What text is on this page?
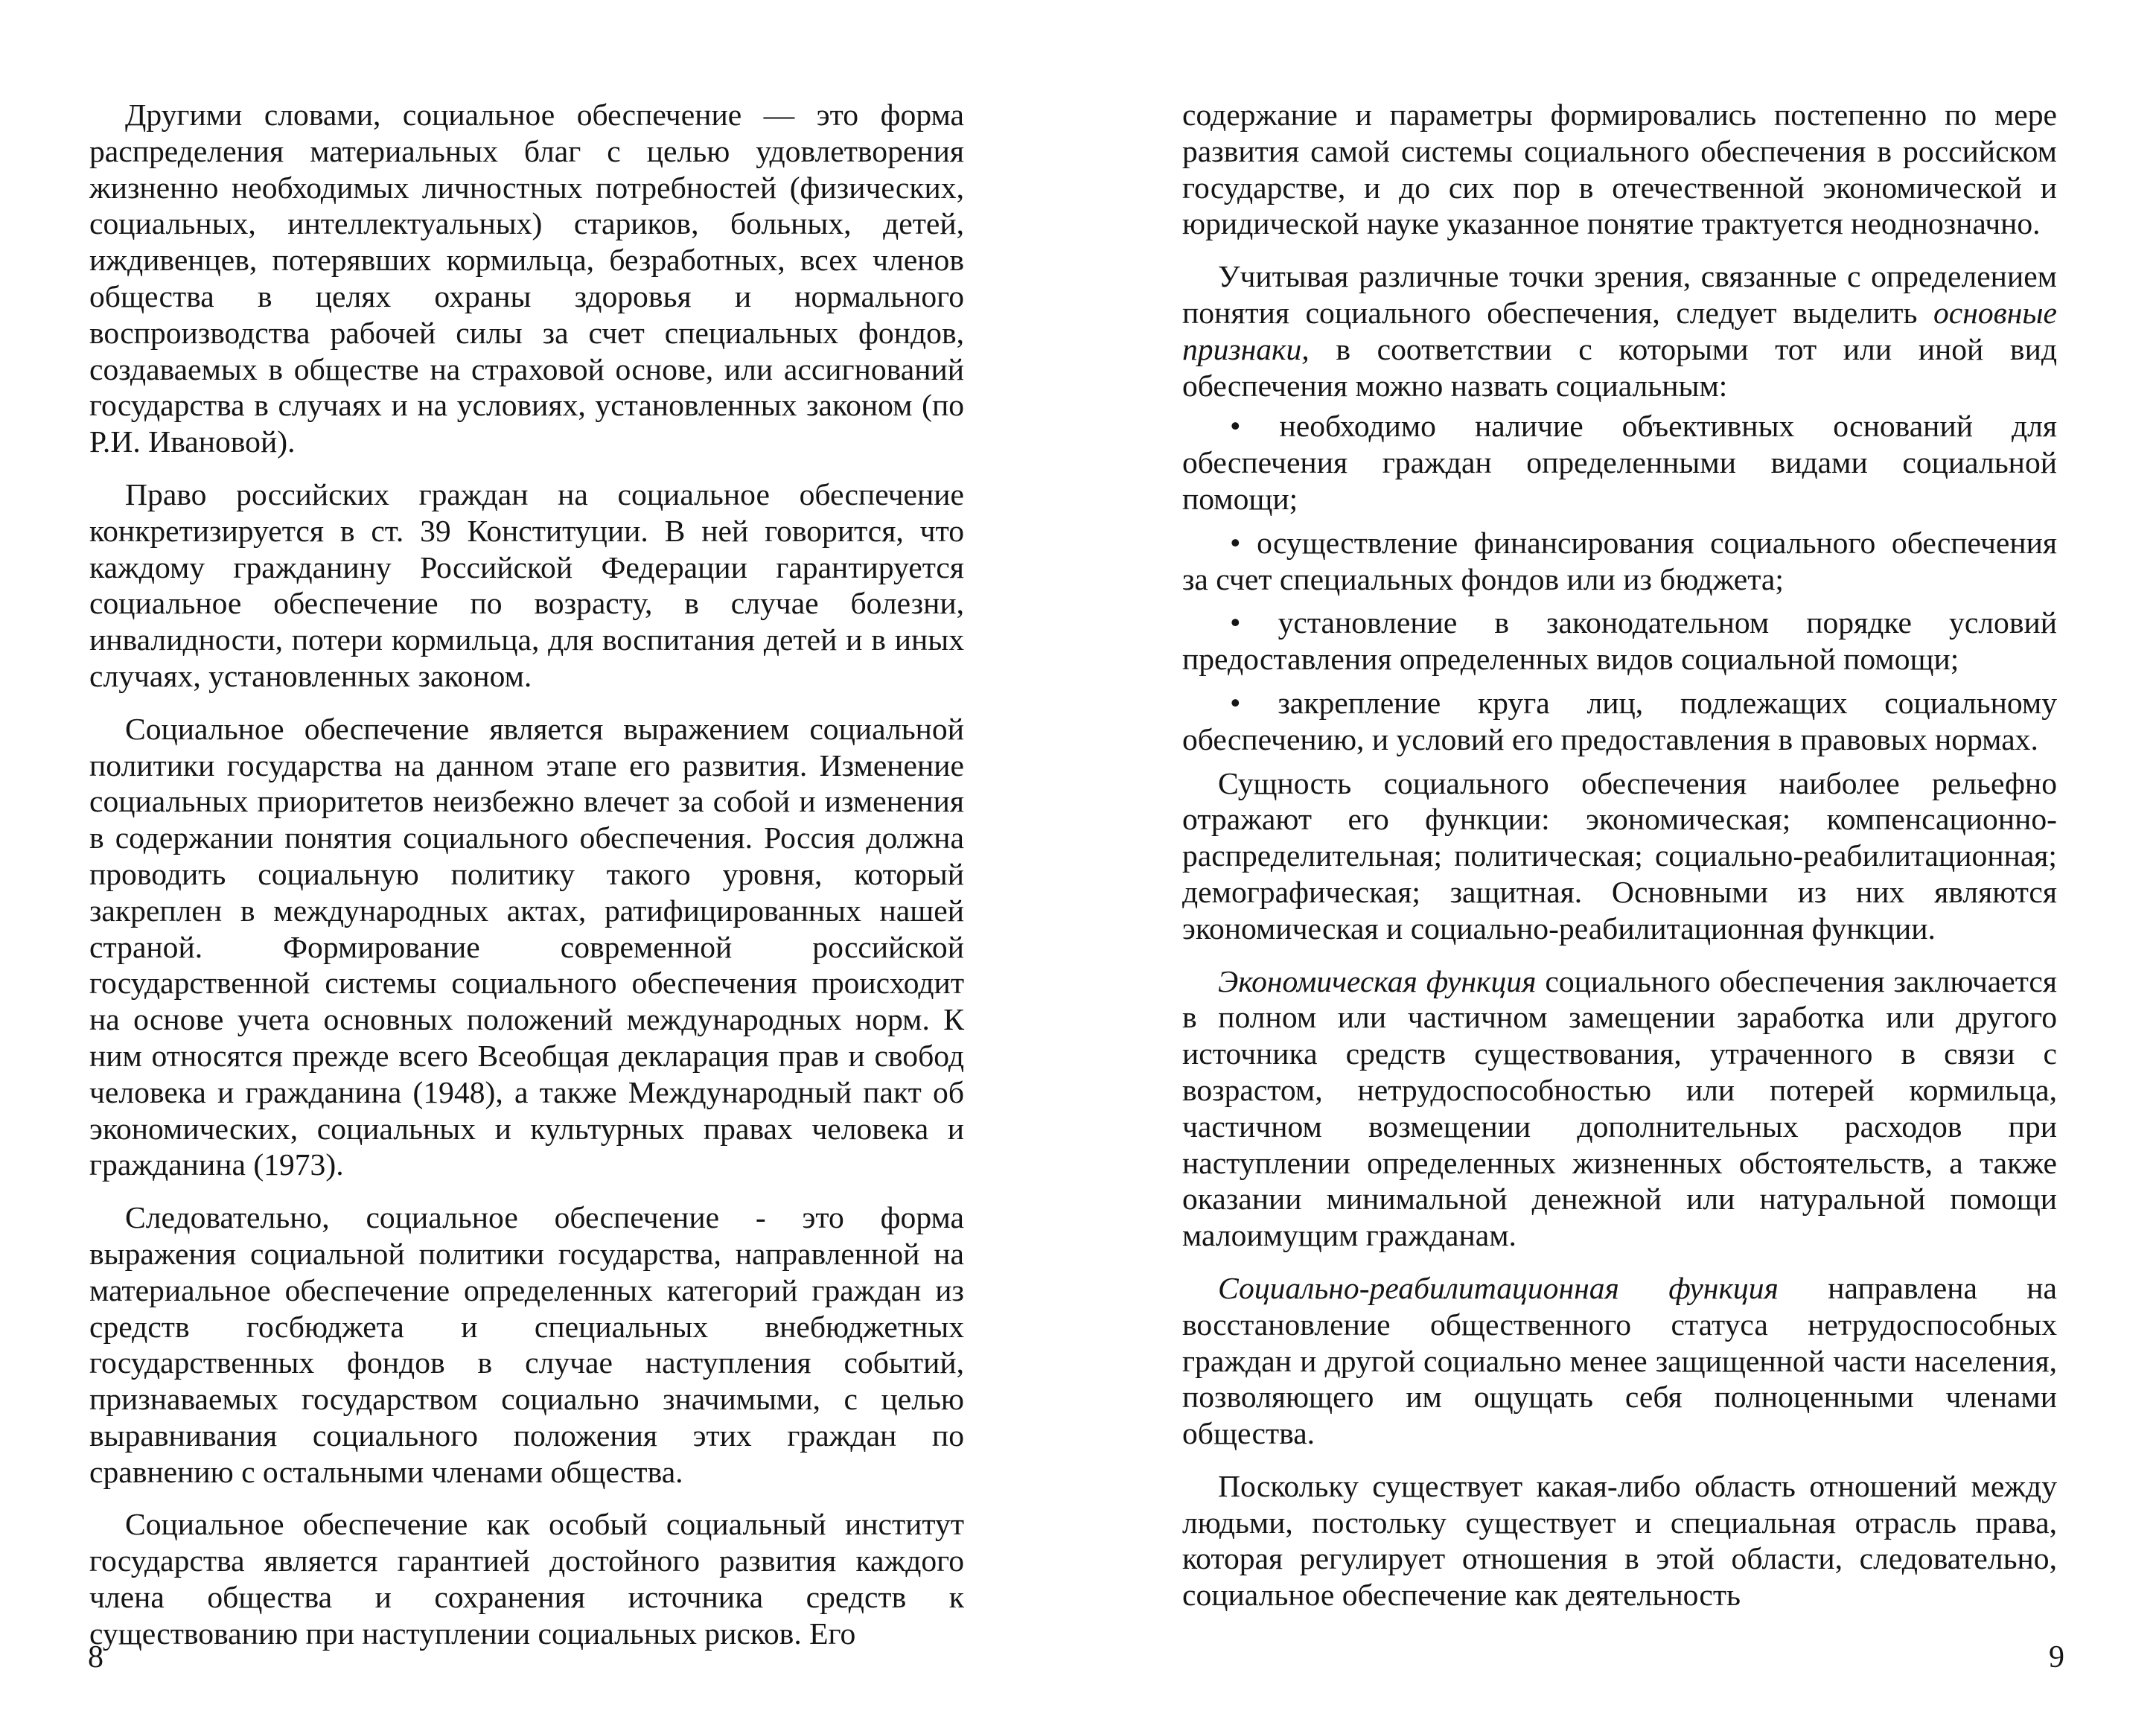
Другими словами, социальное обеспечение — это форма распределения материальных благ с целью удовлетворения жизненно необходимых личностных потребностей (физических, социальных, интеллектуальных) стариков, больных, детей, иждивенцев, потерявших кормильца, безработных, всех членов общества в целях охраны здоровья и нормального воспроизводства рабочей силы за счет специальных фондов, создаваемых в обществе на страховой основе, или ассигнований государства в случаях и на условиях, установленных законом (по Р.И. Ивановой).

Право российских граждан на социальное обеспечение конкретизируется в ст. 39 Конституции. В ней говорится, что каждому гражданину Российской Федерации гарантируется социальное обеспечение по возрасту, в случае болезни, инвалидности, потери кормильца, для воспитания детей и в иных случаях, установленных законом.

Социальное обеспечение является выражением социальной политики государства на данном этапе его развития. Изменение социальных приоритетов неизбежно влечет за собой и изменения в содержании понятия социального обеспечения. Россия должна проводить социальную политику такого уровня, который закреплен в международных актах, ратифицированных нашей страной. Формирование современной российской государственной системы социального обеспечения происходит на основе учета основных положений международных норм. К ним относятся прежде всего Всеобщая декларация прав и свобод человека и гражданина (1948), а также Международный пакт об экономических, социальных и культурных правах человека и гражданина (1973).

Следовательно, социальное обеспечение - это форма выражения социальной политики государства, направленной на материальное обеспечение определенных категорий граждан из средств госбюджета и специальных внебюджетных государственных фондов в случае наступления событий, признаваемых государством социально значимыми, с целью выравнивания социального положения этих граждан по сравнению с остальными членами общества.

Социальное обеспечение как особый социальный институт государства является гарантией достойного развития каждого члена общества и сохранения источника средств к существованию при наступлении социальных рисков. Его

8

содержание и параметры формировались постепенно по мере развития самой системы социального обеспечения в российском государстве, и до сих пор в отечественной экономической и юридической науке указанное понятие трактуется неоднозначно.

Учитывая различные точки зрения, связанные с определением понятия социального обеспечения, следует выделить основные признаки, в соответствии с которыми тот или иной вид обеспечения можно назвать социальным:

• необходимо наличие объективных оснований для обеспечения граждан определенными видами социальной помощи;

• осуществление финансирования социального обеспечения за счет специальных фондов или из бюджета;

• установление в законодательном порядке условий предоставления определенных видов социальной помощи;

• закрепление круга лиц, подлежащих социальному обеспечению, и условий его предоставления в правовых нормах.

Сущность социального обеспечения наиболее рельефно отражают его функции: экономическая; компенсационно-распределительная; политическая; социально-реабилитационная; демографическая; защитная. Основными из них являются экономическая и социально-реабилитационная функции.

Экономическая функция социального обеспечения заключается в полном или частичном замещении заработка или другого источника средств существования, утраченного в связи с возрастом, нетрудоспособностью или потерей кормильца, частичном возмещении дополнительных расходов при наступлении определенных жизненных обстоятельств, а также оказании минимальной денежной или натуральной помощи малоимущим гражданам.

Социально-реабилитационная функция направлена на восстановление общественного статуса нетрудоспособных граждан и другой социально менее защищенной части населения, позволяющего им ощущать себя полноценными членами общества.

Поскольку существует какая-либо область отношений между людьми, постольку существует и специальная отрасль права, которая регулирует отношения в этой области, следовательно, социальное обеспечение как деятельность

9
